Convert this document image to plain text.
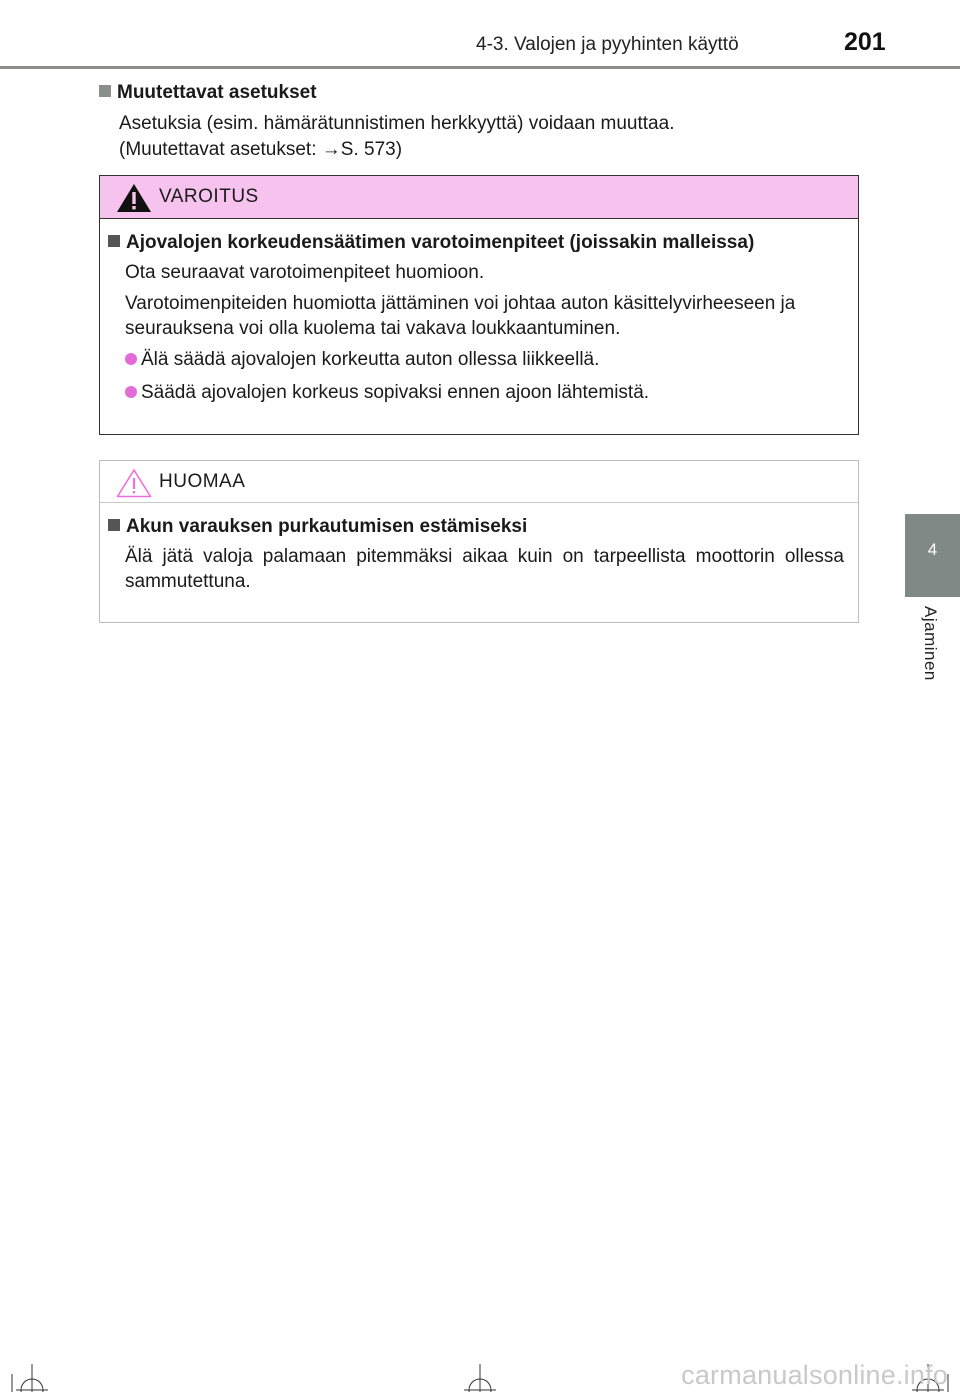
4-3. Valojen ja pyyhinten käyttö	201
4
Ajaminen
Muutettavat asetukset

Asetuksia (esim. hämärätunnistimen herkkyyttä) voidaan muuttaa.

(Muutettavat asetukset: →S. 573)

VAROITUS
Ajovalojen korkeudensäätimen varotoimenpiteet (joissakin malleissa)
Ota seuraavat varotoimenpiteet huomioon.
Varotoimenpiteiden huomiotta jättäminen voi johtaa auton käsittelyvirheeseen ja seurauksena voi olla kuolema tai vakava loukkaantuminen.
Älä säädä ajovalojen korkeutta auton ollessa liikkeellä.
Säädä ajovalojen korkeus sopivaksi ennen ajoon lähtemistä.
HUOMAA
Akun varauksen purkautumisen estämiseksi
Älä jätä valoja palamaan pitemmäksi aikaa kuin on tarpeellista moottorin ollessa sammutettuna.
carmanualsonline.info
